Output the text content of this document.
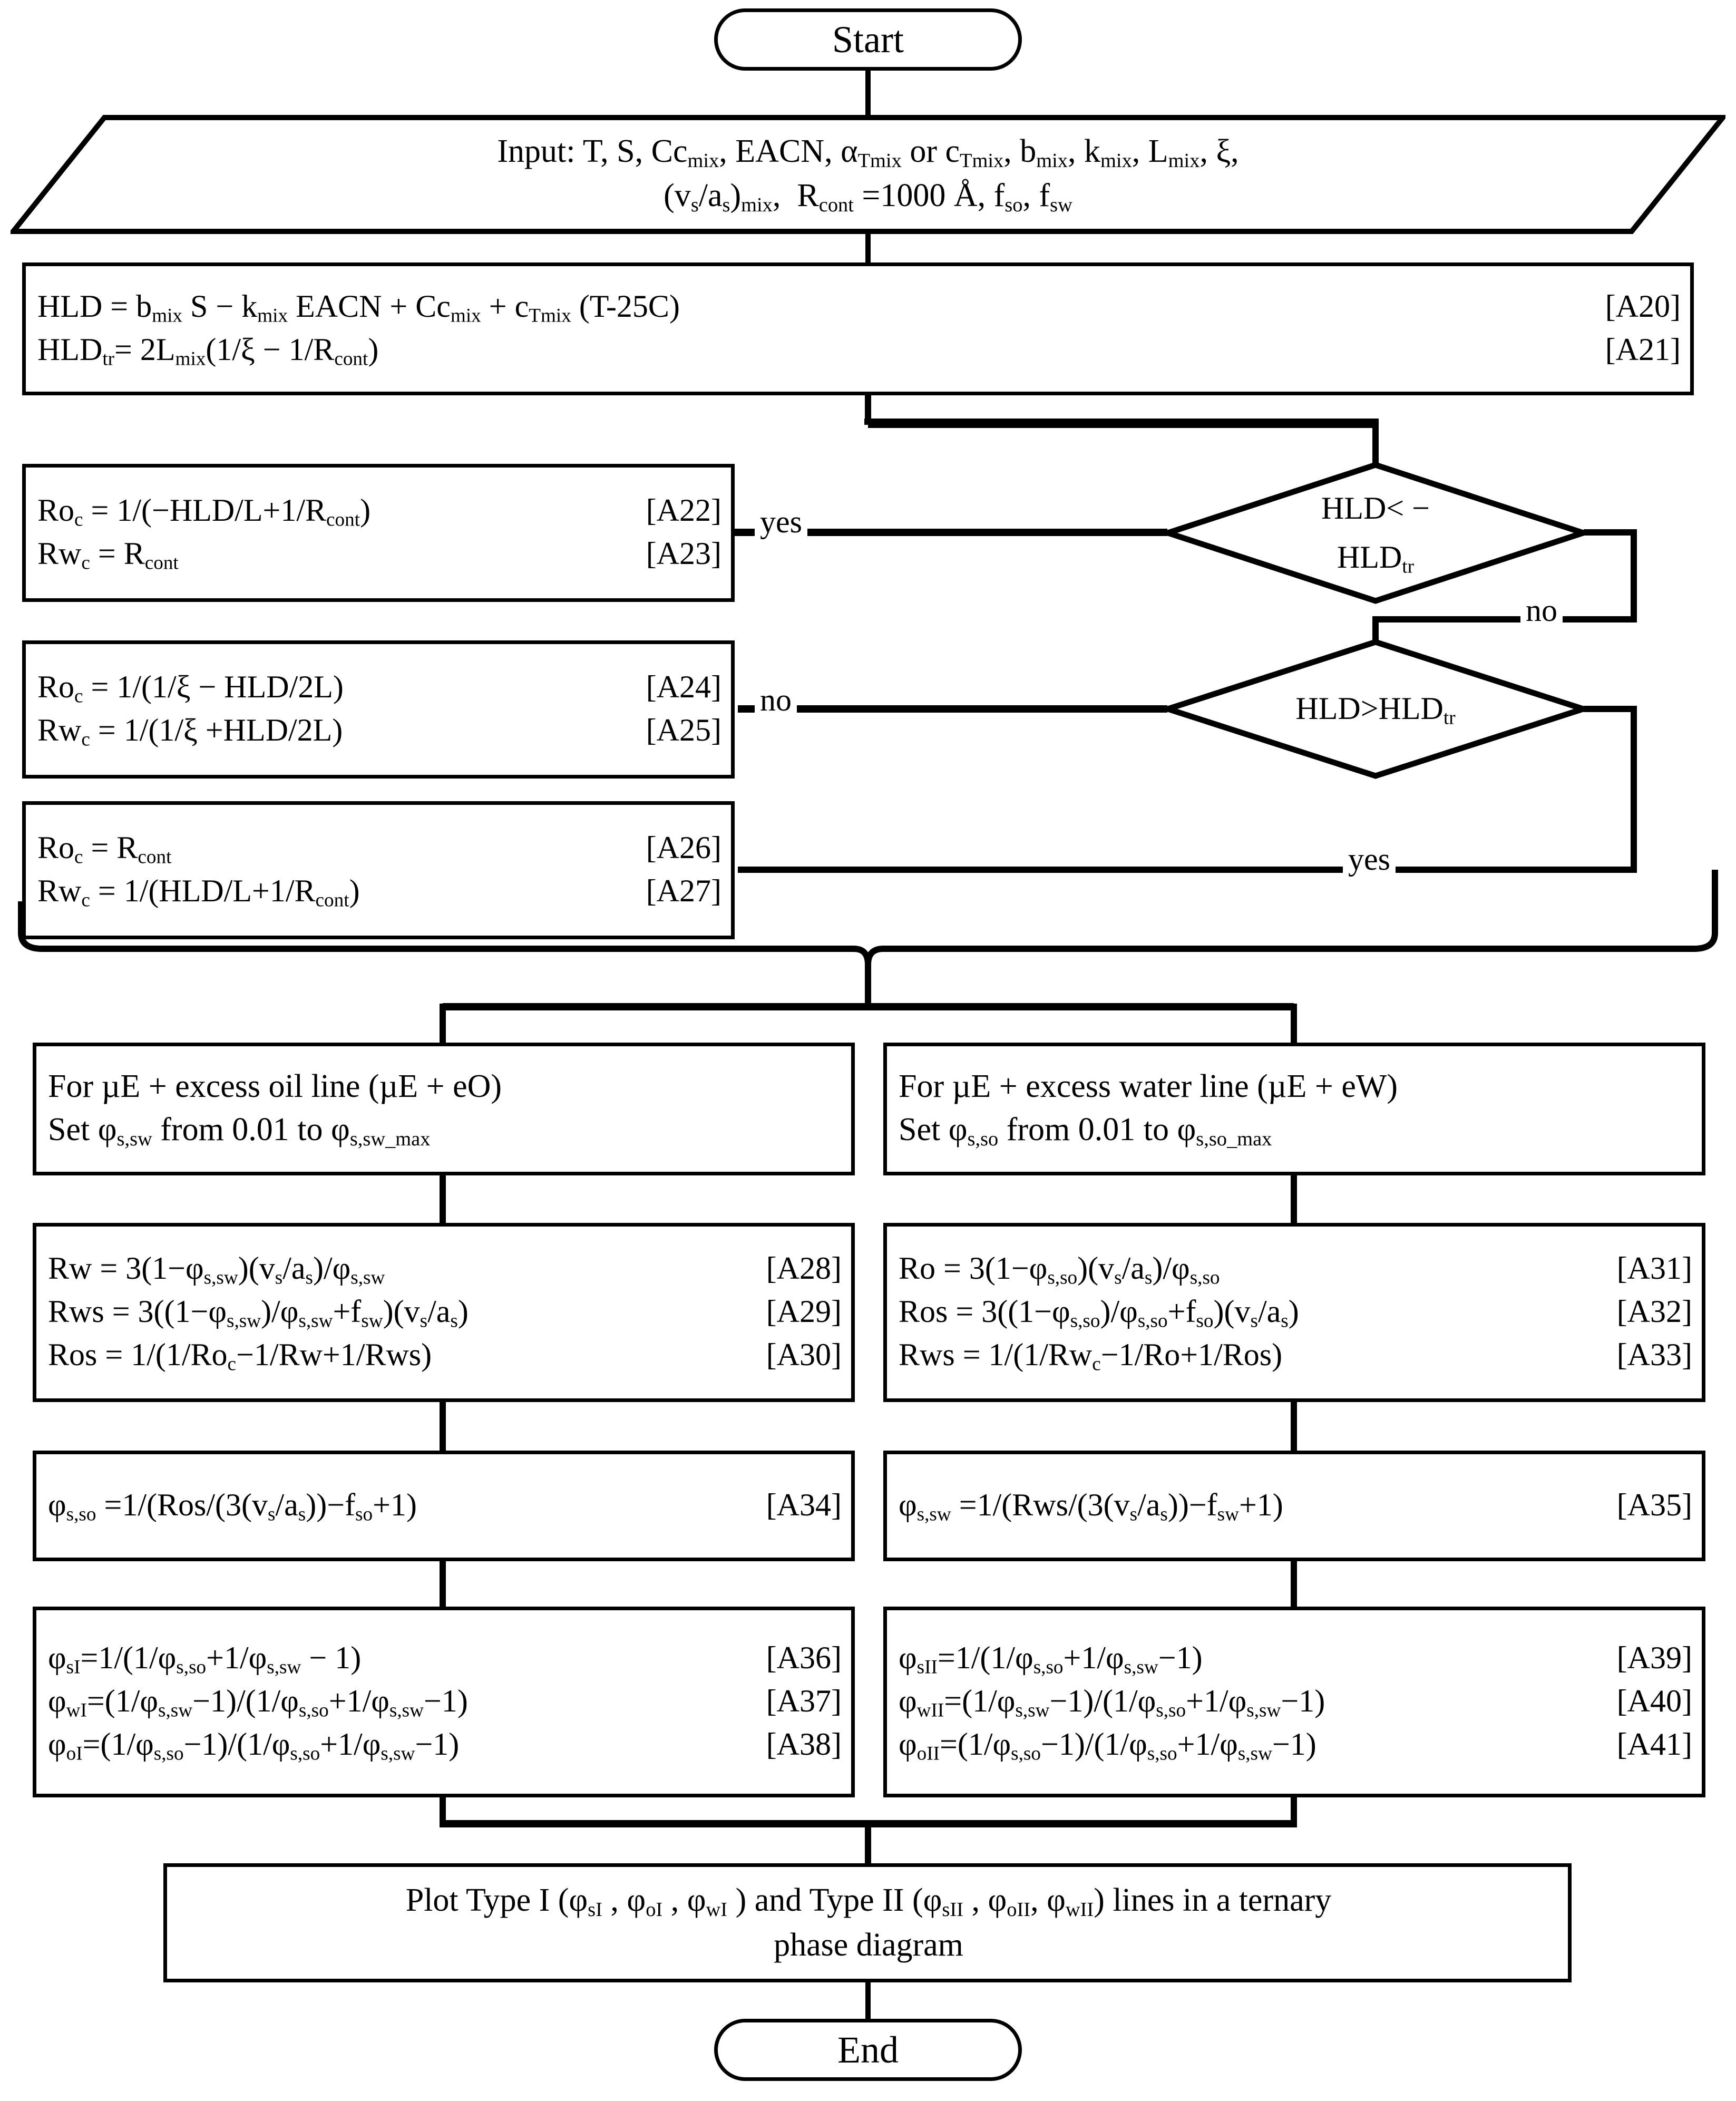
Start
Input: T, S, $Cc_{mix}$, EACN, $\alpha_{Tmix}$ or $c_{Tmix}$, $b_{mix}$, $k_{mix}$, $L_{mix}$, ξ,
$(v_s/a_s)_{mix}$,  $R_{cont} =1000$ Å, $f_{so}$, $f_{sw}$
HLD = $b_{mix}$ $S - k_{mix}$ EACN + $Cc_{mix} + c_{Tmix}$ (T-25C)	[A20]
$HLD_{tr}= 2L_{mix}(1/\xi - 1/R_{cont})$	[A21]
$Ro_c = 1/(-HLD/L+1/R_{cont})$	[A22]
$Rw_c = R_{cont}$	[A23]
HLD< −
$HLD_{tr}$
yes
no
$Ro_c = 1/(1/\xi - HLD/2L)$	[A24]
$Rw_c = 1/(1/\xi +HLD/2L)$	[A25]
$HLD>HLD_{tr}$
no
yes
$Ro_c = R_{cont}$	[A26]
$Rw_c = 1/(HLD/L+1/R_{cont})$	[A27]
For µE + excess oil line (µE + eO)
Set $\varphi_{s,sw}$ from 0.01 to $\varphi_{s,sw\_max}$
$Rw = 3(1-\varphi_{s,sw})(v_s/a_s)/\varphi_{s,sw}$	[A28]
Rws = $3((1-\varphi_{s,sw})/\varphi_{s,sw}+f_{sw})(v_s/a_s)$	[A29]
Ros = $1/(1/Ro_c-1/Rw+1/Rws)$	[A30]
$\varphi_{s,so} =1/(Ros/(3(v_s/a_s))-f_{so}+1)$	[A34]
$\varphi_{sI}=1/(1/\varphi_{s,so}+1/\varphi_{s,sw} - 1)$	[A36]
$\varphi_{wI}=(1/\varphi_{s,sw}-1)/(1/\varphi_{s,so}+1/\varphi_{s,sw}-1)$	[A37]
$\varphi_{oI}=(1/\varphi_{s,so}-1)/(1/\varphi_{s,so}+1/\varphi_{s,sw}-1)$	[A38]
For µE + excess water line (µE + eW)
Set $\varphi_{s,so}$ from 0.01 to $\varphi_{s,so\_max}$
$Ro = 3(1-\varphi_{s,so})(v_s/a_s)/\varphi_{s,so}$	[A31]
Ros = $3((1-\varphi_{s,so})/\varphi_{s,so}+f_{so})(v_s/a_s)$	[A32]
Rws = $1/(1/Rw_c-1/Ro+1/Ros)$	[A33]
$\varphi_{s,sw} =1/(Rws/(3(v_s/a_s))-f_{sw}+1)$	[A35]
$\varphi_{sII}=1/(1/\varphi_{s,so}+1/\varphi_{s,sw}-1)$	[A39]
$\varphi_{wII}=(1/\varphi_{s,sw}-1)/(1/\varphi_{s,so}+1/\varphi_{s,sw}-1)$	[A40]
$\varphi_{oII}=(1/\varphi_{s,so}-1)/(1/\varphi_{s,so}+1/\varphi_{s,sw}-1)$	[A41]
Plot Type I ($\varphi_{sI}$ , $\varphi_{oI}$ , $\varphi_{wI}$ ) and Type II ($\varphi_{sII}$ , $\varphi_{oII}$, $\varphi_{wII}$) lines in a ternary
phase diagram
End
